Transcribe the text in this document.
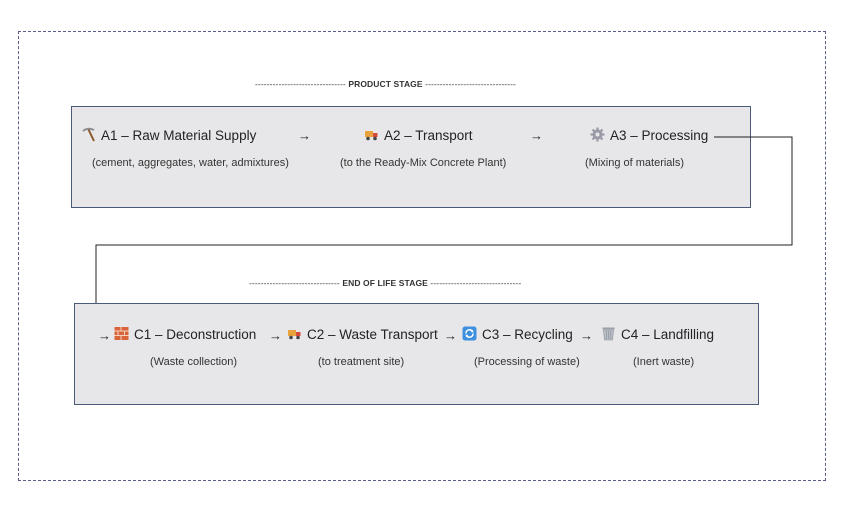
------------------------------- PRODUCT STAGE -------------------------------
A1 – Raw Material Supply
(cement, aggregates, water, admixtures)
→	A2 – Transport
(to the Ready-Mix Concrete Plant)
→	A3 – Processing
(Mixing of materials)
------------------------------- END OF LIFE STAGE -------------------------------
→	C1 – Deconstruction
(Waste collection)
→	C2 – Waste Transport
(to treatment site)
→	C3 – Recycling
(Processing of waste)
→	C4 – Landfilling
(Inert waste)
